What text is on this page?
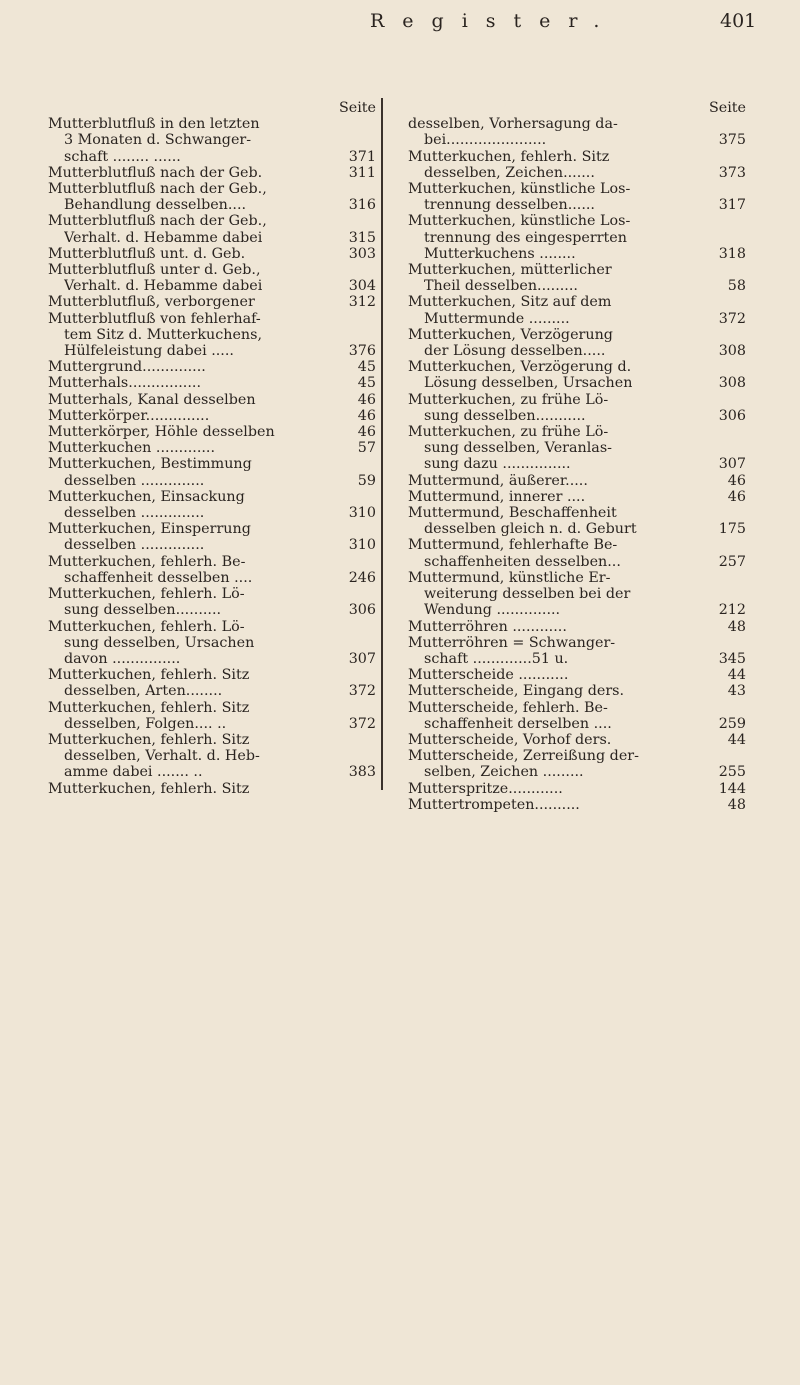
Register.	401
Seite
Mutterblutfluß in den letzten
3 Monaten d. Schwanger-
schaft ........ ......	371
Mutterblutfluß nach der Geb.	311
Mutterblutfluß nach der Geb.,
Behandlung desselben....	316
Mutterblutfluß nach der Geb.,
Verhalt. d. Hebamme dabei	315
Mutterblutfluß unt. d. Geb.	303
Mutterblutfluß unter d. Geb.,
Verhalt. d. Hebamme dabei	304
Mutterblutfluß, verborgener	312
Mutterblutfluß von fehlerhaf-
tem Sitz d. Mutterkuchens,
Hülfeleistung dabei .....	376
Muttergrund..............	45
Mutterhals................	45
Mutterhals, Kanal desselben	46
Mutterkörper..............	46
Mutterkörper, Höhle desselben	46
Mutterkuchen .............	57
Mutterkuchen, Bestimmung
desselben ..............	59
Mutterkuchen, Einsackung
desselben ..............	310
Mutterkuchen, Einsperrung
desselben ..............	310
Mutterkuchen, fehlerh. Be-
schaffenheit desselben ....	246
Mutterkuchen, fehlerh. Lö-
sung desselben..........	306
Mutterkuchen, fehlerh. Lö-
sung desselben, Ursachen
davon ...............	307
Mutterkuchen, fehlerh. Sitz
desselben, Arten........	372
Mutterkuchen, fehlerh. Sitz
desselben, Folgen.... ..	372
Mutterkuchen, fehlerh. Sitz
desselben, Verhalt. d. Heb-
amme dabei ....... ..	383
Mutterkuchen, fehlerh. Sitz
Seite
desselben, Vorhersagung da-
bei......................	375
Mutterkuchen, fehlerh. Sitz
desselben, Zeichen.......	373
Mutterkuchen, künstliche Los-
trennung desselben......	317
Mutterkuchen, künstliche Los-
trennung des eingesperrten
Mutterkuchens ........	318
Mutterkuchen, mütterlicher
Theil desselben.........	58
Mutterkuchen, Sitz auf dem
Muttermunde .........	372
Mutterkuchen, Verzögerung
der Lösung desselben.....	308
Mutterkuchen, Verzögerung d.
Lösung desselben, Ursachen	308
Mutterkuchen, zu frühe Lö-
sung desselben...........	306
Mutterkuchen, zu frühe Lö-
sung desselben, Veranlas-
sung dazu ...............	307
Muttermund, äußerer.....	46
Muttermund, innerer ....	46
Muttermund, Beschaffenheit
desselben gleich n. d. Geburt	175
Muttermund, fehlerhafte Be-
schaffenheiten desselben...	257
Muttermund, künstliche Er-
weiterung desselben bei der
Wendung ..............	212
Mutterröhren ............	48
Mutterröhren = Schwanger-
schaft .............51 u.	345
Mutterscheide ...........	44
Mutterscheide, Eingang ders.	43
Mutterscheide, fehlerh. Be-
schaffenheit derselben ....	259
Mutterscheide, Vorhof ders.	44
Mutterscheide, Zerreißung der-
selben, Zeichen .........	255
Mutterspritze............	144
Muttertrompeten..........	48
